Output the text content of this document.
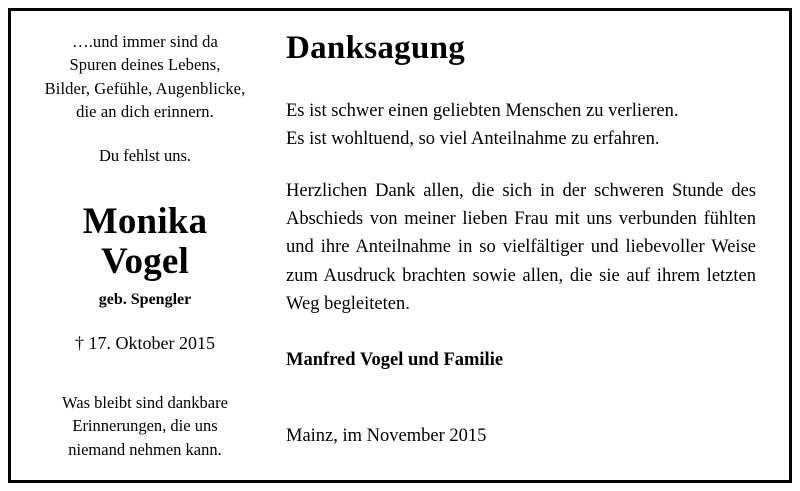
….und immer sind da
Spuren deines Lebens,
Bilder, Gefühle, Augenblicke,
die an dich erinnern.
Du fehlst uns.
Monika
Vogel
geb. Spengler
† 17. Oktober 2015
Was bleibt sind dankbare
Erinnerungen, die uns
niemand nehmen kann.
Danksagung
Es ist schwer einen geliebten Menschen zu verlieren.
Es ist wohltuend, so viel Anteilnahme zu erfahren.
Herzlichen Dank allen, die sich in der schweren Stunde des Abschieds von meiner lieben Frau mit uns verbunden fühlten und ihre Anteilnahme in so vielfältiger und liebevoller Weise zum Ausdruck brachten sowie allen, die sie auf ihrem letzten Weg begleiteten.
Manfred Vogel und Familie
Mainz, im November 2015
